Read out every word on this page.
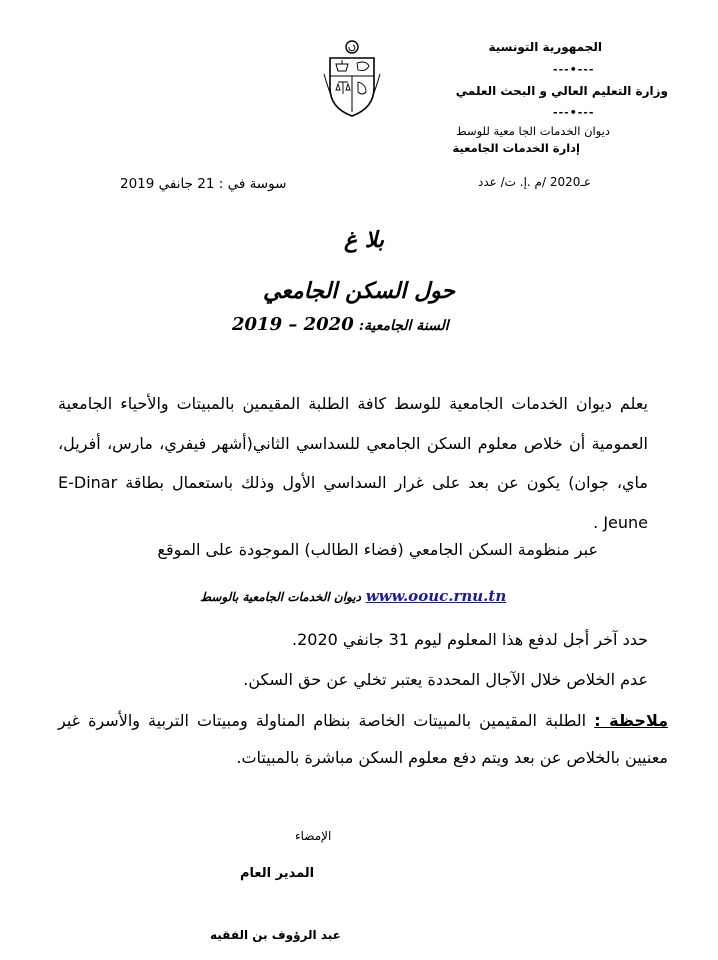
الجمهورية التونسية
---•---
وزارة التعليم العالي و البحث العلمي
---•---
ديوان الخدمات الجا معية للوسط
إدارة الخدمات الجامعية
عـ2020 /م .إ. ت/ عدد
سوسة في : 21 جانفي 2019
بلا غ
حول السكن الجامعي
السنة الجامعية: 2019 – 2020
يعلم ديوان الخدمات الجامعية للوسط كافة الطلبة المقيمين بالمبيتات والأحياء الجامعية العمومية أن خلاص معلوم السكن الجامعي للسداسي الثاني(أشهر فيفري، مارس، أفريل، ماي، جوان) يكون عن بعد على غرار السداسي الأول وذلك باستعمال بطاقة E-Dinar Jeune .
عبر منظومة السكن الجامعي (فضاء الطالب) الموجودة على الموقع
www.oouc.rnu.tn ديوان الخدمات الجامعية بالوسط
حدد آخر أجل لدفع هذا المعلوم ليوم 31 جانفي 2020.
عدم الخلاص خلال الآجال المحددة يعتبر تخلي عن حق السكن.
ملاحظة : الطلبة المقيمين بالمبيتات الخاصة بنظام المناولة ومبيتات التربية والأسرة غير معنيين بالخلاص عن بعد ويتم دفع معلوم السكن مباشرة بالمبيتات.
الإمضاء
المدير العام
عبد الرؤوف بن الفقيه
